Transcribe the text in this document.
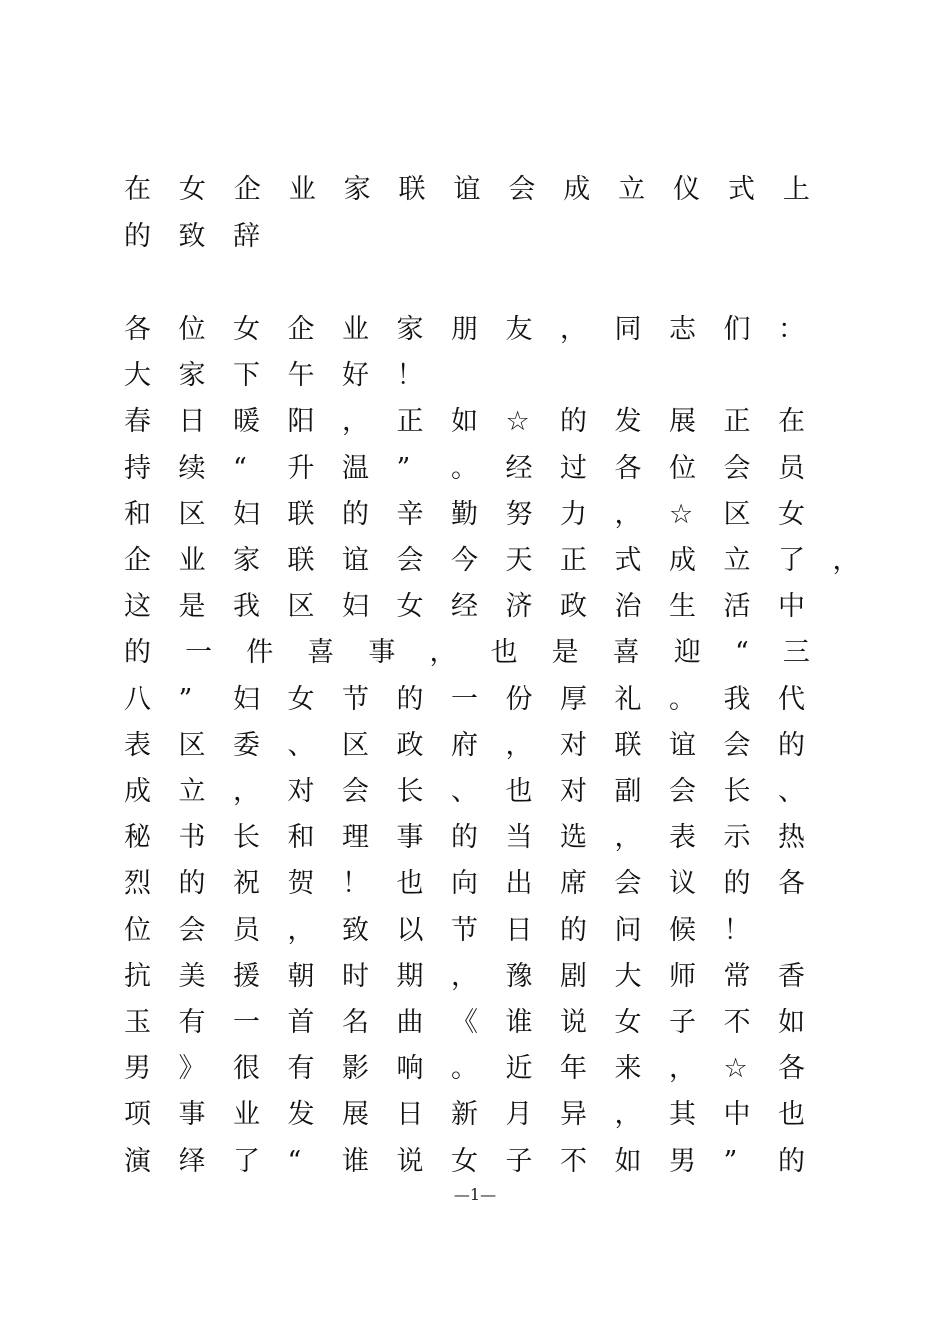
在 女 企 业 家 联 谊 会 成 立 仪 式 上
的 致 辞
各 位 女 企 业 家 朋 友 ， 同 志 们 ：
大 家 下 午 好 ！
春 日 暖 阳 ， 正 如 ☆ 的 发 展 正 在
持 续 “ 升 温 ” 。 经 过 各 位 会 员
和 区 妇 联 的 辛 勤 努 力 ， ☆ 区 女
企 业 家 联 谊 会 今 天 正 式 成 立 了 ，
这 是 我 区 妇 女 经 济 政 治 生 活 中
的 一 件 喜 事 ， 也 是 喜 迎 “ 三
八 ” 妇 女 节 的 一 份 厚 礼 。 我 代
表 区 委 、 区 政 府 ， 对 联 谊 会 的
成 立 ， 对 会 长 、 也 对 副 会 长 、
秘 书 长 和 理 事 的 当 选 ， 表 示 热
烈 的 祝 贺 ！ 也 向 出 席 会 议 的 各
位 会 员 ， 致 以 节 日 的 问 候 ！
抗 美 援 朝 时 期 ， 豫 剧 大 师 常 香
玉 有 一 首 名 曲 《 谁 说 女 子 不 如
男 》 很 有 影 响 。 近 年 来 ， ☆ 各
项 事 业 发 展 日 新 月 异 ， 其 中 也
演 绎 了 “ 谁 说 女 子 不 如 男 ” 的
—1—
